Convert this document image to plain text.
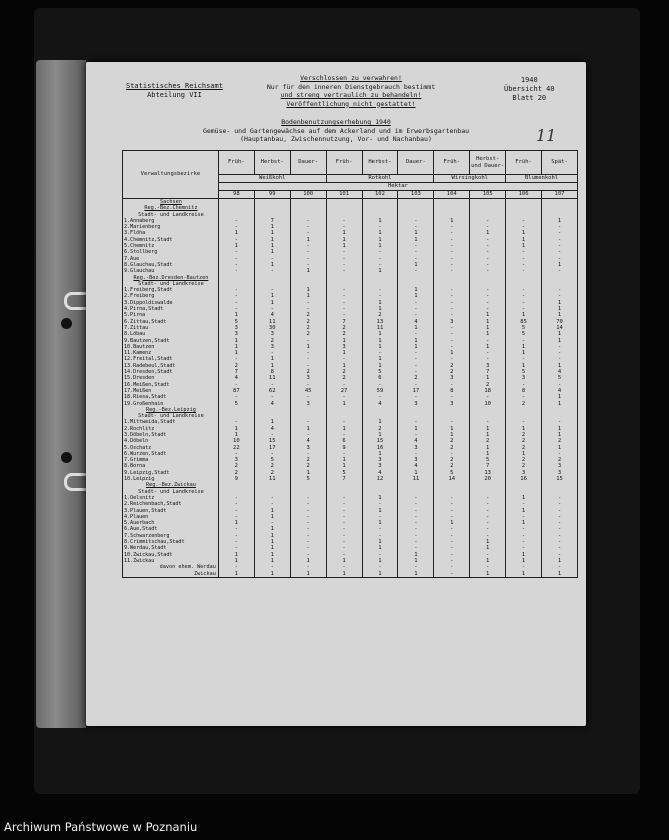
Statistisches Reichsamt
Abteilung VII
Verschlossen zu verwahren!
Nur für den inneren Dienstgebrauch bestimmt
und streng vertraulich zu behandeln!
Veröffentlichung nicht gestattet!
1940
Übersicht 40
Blatt 20
Bodenbenutzungserhebung 1940
Gemüse- und Gartengewächse auf dem Ackerland und im Erwerbsgartenbau
(Hauptanbau, Zwischennutzung, Vor- und Nachanbau)	11
Verwaltungsbezirke	Früh-	Herbst-	Dauer-	Früh-	Herbst-	Dauer-	Früh-	Herbst- und Dauer-	Früh-	Spät-
	Weißkohl			Rotkohl			Wirsingkohl		Blumenkohl	
	Hektar									
	98	99	100	101	102	103	104	105	106	107
Sachsen										
Reg.-Bez.Chemnitz										
Stadt- und Landkreise										
1.Annaberg	-	7	-	-	1	-	1	-	-	1
2.Marienberg	-	1	-	-	-	-	-	-	-	-
3.Flöha	1	1	-	1	1	1	-	1	1	-
4.Chemnitz,Stadt	-	1	1	1	1	1	-	-	1	-
5.Chemnitz	1	1	-	1	1	-	-	-	1	-
6.Stollberg	-	1	-	-	-	-	-	-	-	-
7.Aue	-	-	-	-	-	-	-	-	-	-
8.Glauchau,Stadt	-	1	-	-	-	1	-	-	-	1
9.Glauchau	-	-	1	-	1	-	-	-	-	-
Reg.-Bez.Dresden-Bautzen										
Stadt- und Landkreise										
1.Freiberg,Stadt	-	-	1	-	-	1	-	-	-	-
2.Freiberg	-	1	1	-	-	1	-	-	-	-
3.Dippoldiswalde	-	1	-	-	1	-	-	-	-	1
4.Pirna,Stadt	-	-	-	-	1	-	-	-	-	1
5.Pirna	1	4	2	-	2	-	-	1	1	1
6.Zittau,Stadt	5	11	2	7	13	4	3	1	85	70
7.Zittau	3	30	2	2	11	1	-	1	5	14
8.Löbau	3	3	2	2	1	-	-	1	5	1
9.Bautzen,Stadt	1	2	-	1	1	1	-	-	-	1
10.Bautzen	1	3	1	3	1	1	-	1	1	-
11.Kamenz	1	-	-	1	-	-	1	-	1	-
12.Freital,Stadt	-	1	-	-	1	-	-	-	-	-
13.Radebeul,Stadt	2	1	-	1	1	-	2	3	1	1
14.Dresden,Stadt	7	8	2	2	5	-	2	7	5	4
15.Dresden	4	11	3	2	6	2	3	1	3	5
16.Meißen,Stadt	-	-	-	-	-	-	-	2	-	-
17.Meißen	87	62	45	27	59	17	8	18	8	4
18.Riesa,Stadt	-	-	-	-	-	-	-	-	-	1
19.Großenhain	5	4	3	1	4	3	3	10	2	1
Reg.-Bez.Leipzig										
Stadt- und Landkreise										
1.Mittweida,Stadt	-	1	-	-	1	-	-	-	-	-
2.Rochlitz	1	4	1	1	2	1	1	1	1	1
3.Döbeln,Stadt	1	-	-	-	1	-	1	1	2	1
4.Döbeln	10	15	4	6	15	4	2	2	2	2
5.Oschatz	22	17	3	9	16	3	2	1	2	1
6.Wurzen,Stadt	-	-	-	-	1	-	-	1	1	-
7.Grimma	3	5	2	1	3	3	2	5	2	2
8.Borna	2	2	2	1	3	4	2	7	2	3
9.Leipzig,Stadt	2	2	1	5	4	1	5	13	3	3
10.Leipzig	9	11	5	7	12	11	14	20	16	15
Reg.-Bez.Zwickau										
Stadt- und Landkreise										
1.Oelsnitz	-	-	-	-	1	-	-	-	1	-
2.Reichenbach,Stadt	-	-	-	-	-	-	-	-	-	-
3.Plauen,Stadt	-	1	-	-	1	-	-	-	1	-
4.Plauen	-	1	-	-	-	-	-	-	-	-
5.Auerbach	1	-	-	-	1	-	1	-	1	-
6.Aue,Stadt	-	1	-	-	-	-	-	-	-	-
7.Schwarzenberg	-	1	-	-	-	-	-	-	-	-
8.Crimmitschau,Stadt	-	1	-	-	1	-	-	1	-	-
9.Werdau,Stadt	-	1	-	-	1	-	-	1	-	-
10.Zwickau,Stadt	1	1	-	-	-	1	-	-	1	-
11.Zwickau	1	1	1	1	1	1	-	1	1	1
davon ehem. Werdau	-	-	-	-	-	-	-	-	-	-
Zwickau	1	1	1	1	1	1	-	1	1	1
Archiwum Państwowe w Poznaniu
